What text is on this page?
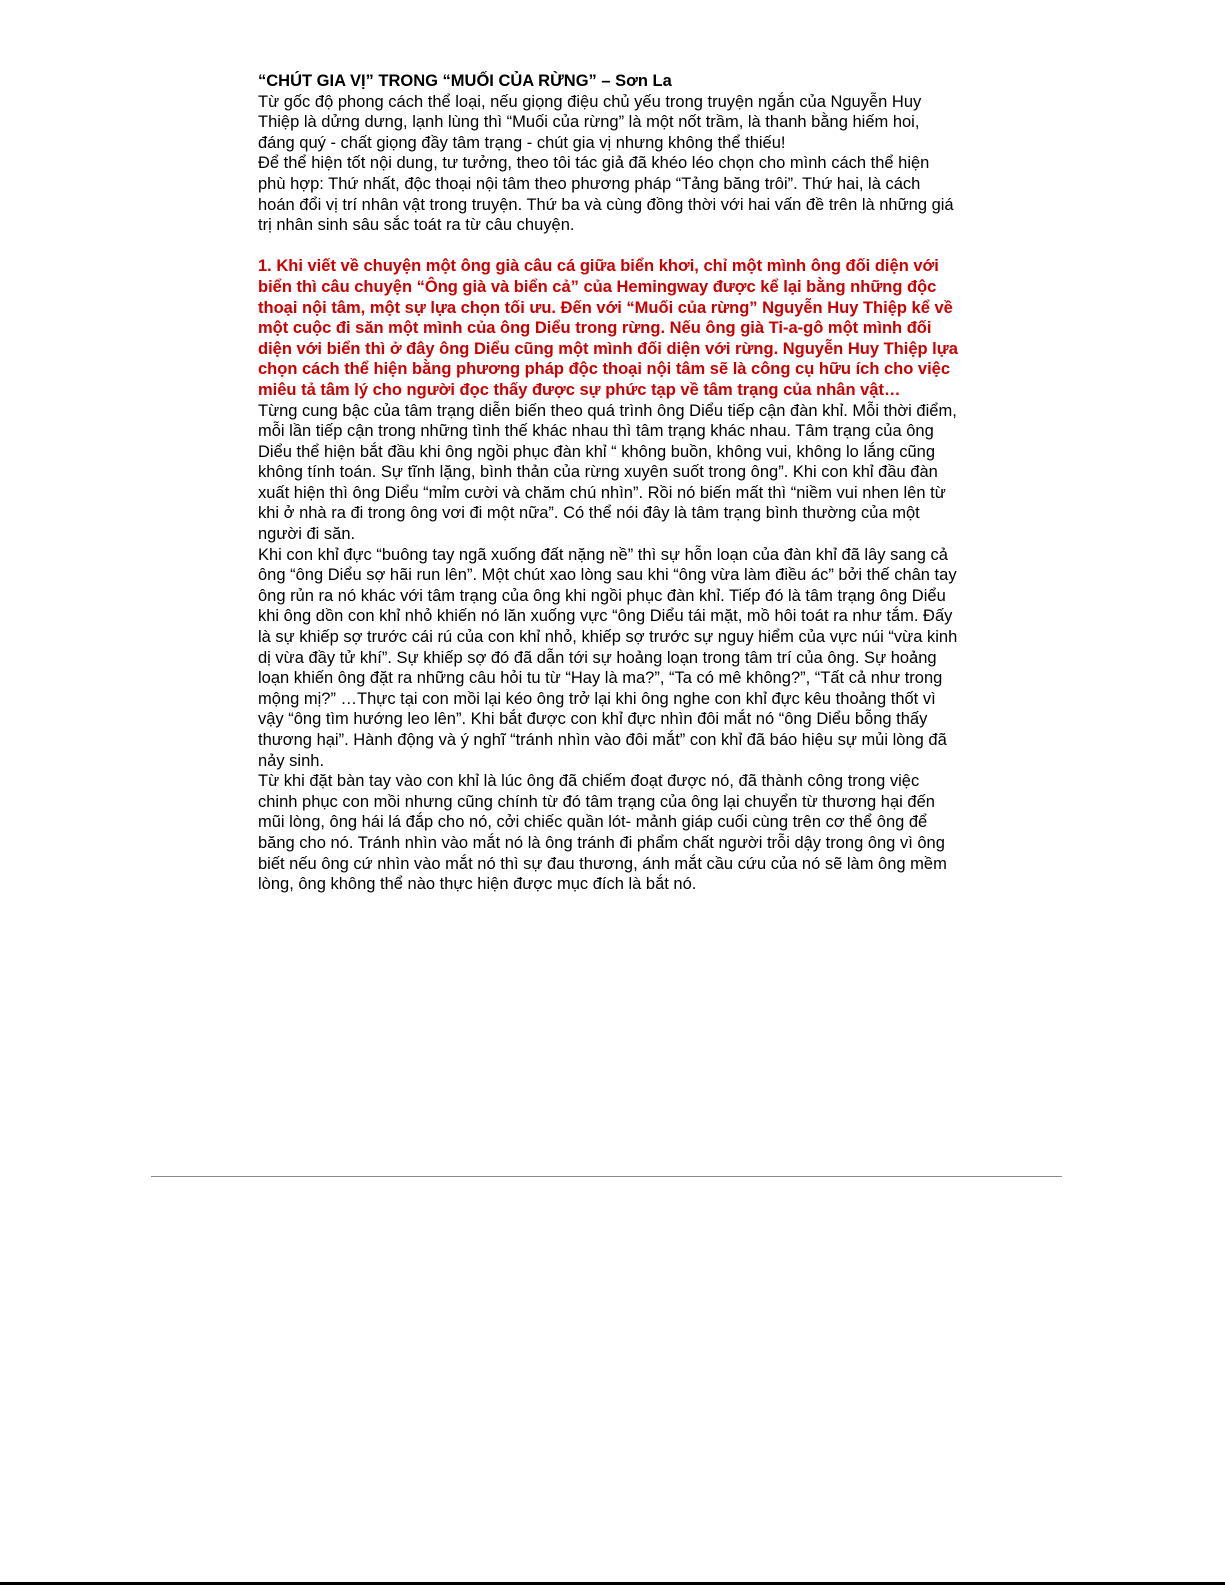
“CHÚT GIA VỊ” TRONG “MUỐI CỦA RỪNG” – Sơn La

Từ gốc độ phong cách thể loại, nếu giọng điệu chủ yếu trong truyện ngắn của Nguyễn Huy Thiệp là dửng dưng, lạnh lùng thì “Muối của rừng” là một nốt trầm, là thanh bằng hiếm hoi, đáng quý - chất giọng đầy tâm trạng - chút gia vị nhưng không thể thiếu!

Để thể hiện tốt nội dung, tư tưởng, theo tôi tác giả đã khéo léo chọn cho mình cách thể hiện phù hợp: Thứ nhất, độc thoại nội tâm theo phương pháp “Tảng băng trôi”. Thứ hai, là cách hoán đổi vị trí nhân vật trong truyện. Thứ ba và cùng đồng thời với hai vấn đề trên là những giá trị nhân sinh sâu sắc toát ra từ câu chuyện.

1. Khi viết về chuyện một ông già câu cá giữa biển khơi, chỉ một mình ông đối diện với biển thì câu chuyện “Ông già và biển cả” của Hemingway được kể lại bằng những độc thoại nội tâm, một sự lựa chọn tối ưu. Đến với “Muối của rừng” Nguyễn Huy Thiệp kể về một cuộc đi săn một mình của ông Diểu trong rừng. Nếu ông già Ti-a-gô một mình đối diện với biển thì ở đây ông Diểu cũng một mình đối diện với rừng. Nguyễn Huy Thiệp lựa chọn cách thể hiện bằng phương pháp độc thoại nội tâm sẽ là công cụ hữu ích cho việc miêu tả tâm lý cho người đọc thấy được sự phức tạp về tâm trạng của nhân vật…

Từng cung bậc của tâm trạng diễn biến theo quá trình ông Diểu tiếp cận đàn khỉ. Mỗi thời điểm, mỗi lần tiếp cận trong những tình thế khác nhau thì tâm trạng khác nhau. Tâm trạng của ông Diểu thể hiện bắt đầu khi ông ngồi phục đàn khỉ “ không buồn, không vui, không lo lắng cũng không tính toán. Sự tĩnh lặng, bình thản của rừng xuyên suốt trong ông”. Khi con khỉ đầu đàn xuất hiện thì ông Diểu “mỉm cười và chăm chú nhìn”. Rồi nó biến mất thì “niềm vui nhen lên từ khi ở nhà ra đi trong ông vơi đi một nữa”. Có thể nói đây là tâm trạng bình thường của một người đi săn.

Khi con khỉ đực “buông tay ngã xuống đất nặng nề” thì sự hỗn loạn của đàn khỉ đã lây sang cả ông “ông Diểu sợ hãi run lên”. Một chút xao lòng sau khi “ông vừa làm điều ác” bởi thế chân tay ông rủn ra nó khác với tâm trạng của ông khi ngồi phục đàn khỉ. Tiếp đó là tâm trạng ông Diểu khi ông dồn con khỉ nhỏ khiến nó lăn xuống vực “ông Diểu tái mặt, mồ hôi toát ra như tắm. Đấy là sự khiếp sợ trước cái rú của con khỉ nhỏ, khiếp sợ trước sự nguy hiểm của vực núi “vừa kinh dị vừa đầy tử khí”. Sự khiếp sợ đó đã dẫn tới sự hoảng loạn trong tâm trí của ông. Sự hoảng loạn khiến ông đặt ra những câu hỏi tu từ “Hay là ma?”, “Ta có mê không?”, “Tất cả như trong mộng mị?” …Thực tại con mồi lại kéo ông trở lại khi ông nghe con khỉ đực kêu thoảng thốt vì vậy “ông tìm hướng leo lên”. Khi bắt được con khỉ đực nhìn đôi mắt nó “ông Diểu bỗng thấy thương hại”. Hành động và ý nghĩ “tránh nhìn vào đôi mắt” con khỉ đã báo hiệu sự mủi lòng đã nảy sinh.

Từ khi đặt bàn tay vào con khỉ là lúc ông đã chiếm đoạt được nó, đã thành công trong việc chinh phục con mồi nhưng cũng chính từ đó tâm trạng của ông lại chuyển từ thương hại đến mũi lòng, ông hái lá đắp cho nó, cởi chiếc quần lót- mảnh giáp cuối cùng trên cơ thể ông để băng cho nó. Tránh nhìn vào mắt nó là ông tránh đi phẩm chất người trỗi dậy trong ông vì ông biết nếu ông cứ nhìn vào mắt nó thì sự đau thương, ánh mắt cầu cứu của nó sẽ làm ông mềm lòng, ông không thể nào thực hiện được mục đích là bắt nó.
